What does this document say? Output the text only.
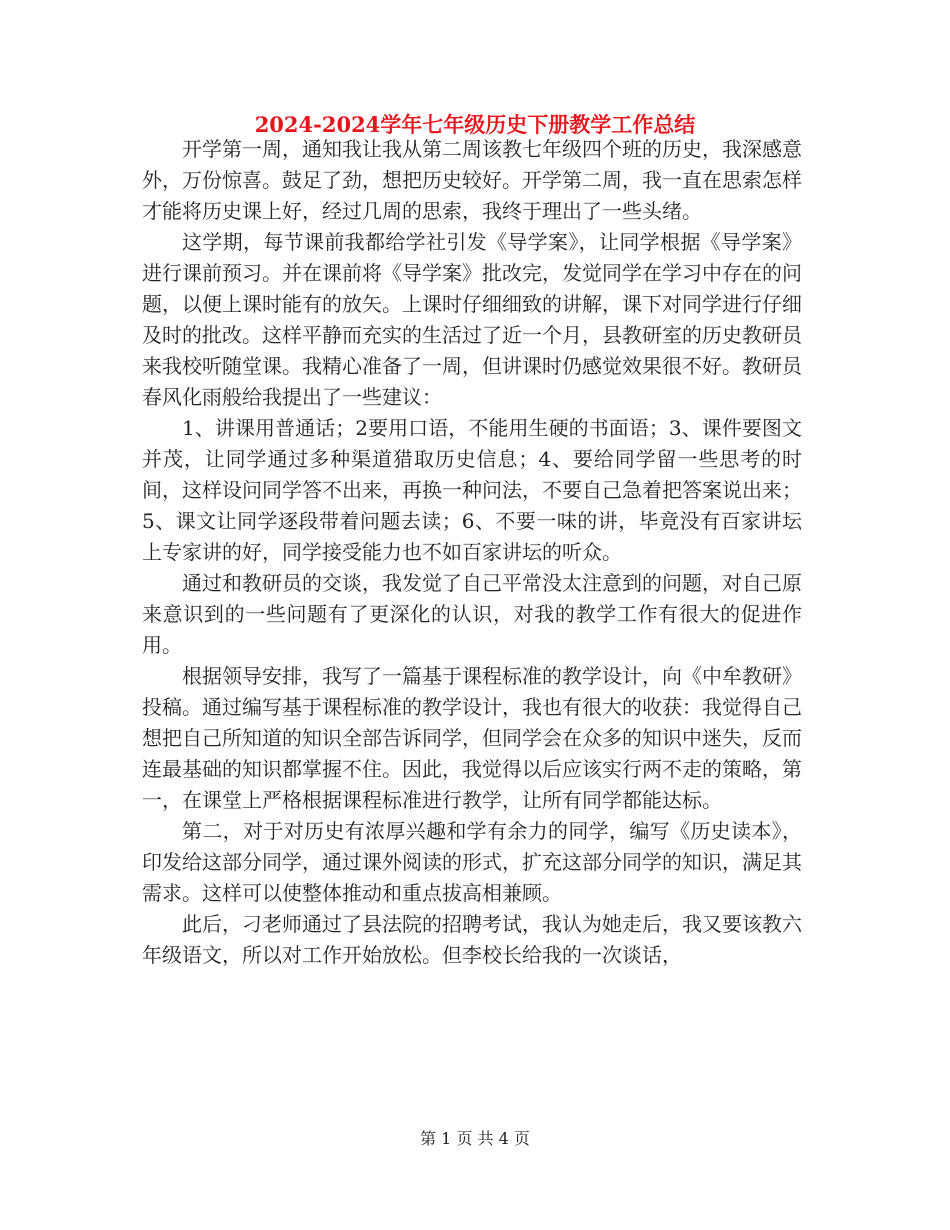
2024-2024学年七年级历史下册教学工作总结

开学第一周，通知我让我从第二周该教七年级四个班的历史，我深感意外，万份惊喜。鼓足了劲，想把历史较好。开学第二周，我一直在思索怎样才能将历史课上好，经过几周的思索，我终于理出了一些头绪。

这学期，每节课前我都给学社引发《导学案》，让同学根据《导学案》进行课前预习。并在课前将《导学案》批改完，发觉同学在学习中存在的问题，以便上课时能有的放矢。上课时仔细细致的讲解，课下对同学进行仔细及时的批改。这样平静而充实的生活过了近一个月，县教研室的历史教研员来我校听随堂课。我精心准备了一周，但讲课时仍感觉效果很不好。教研员春风化雨般给我提出了一些建议：

1、讲课用普通话；2要用口语，不能用生硬的书面语；3、课件要图文并茂，让同学通过多种渠道猎取历史信息；4、要给同学留一些思考的时间，这样设问同学答不出来，再换一种问法，不要自己急着把答案说出来；5、课文让同学逐段带着问题去读；6、不要一味的讲，毕竟没有百家讲坛上专家讲的好，同学接受能力也不如百家讲坛的听众。

通过和教研员的交谈，我发觉了自己平常没太注意到的问题，对自己原来意识到的一些问题有了更深化的认识，对我的教学工作有很大的促进作用。

根据领导安排，我写了一篇基于课程标准的教学设计，向《中牟教研》投稿。通过编写基于课程标准的教学设计，我也有很大的收获：我觉得自己想把自己所知道的知识全部告诉同学，但同学会在众多的知识中迷失，反而连最基础的知识都掌握不住。因此，我觉得以后应该实行两不走的策略，第一，在课堂上严格根据课程标准进行教学，让所有同学都能达标。

第二，对于对历史有浓厚兴趣和学有余力的同学，编写《历史读本》，印发给这部分同学，通过课外阅读的形式，扩充这部分同学的知识，满足其需求。这样可以使整体推动和重点拔高相兼顾。

此后，刁老师通过了县法院的招聘考试，我认为她走后，我又要该教六年级语文，所以对工作开始放松。但李校长给我的一次谈话，

第 1 页 共 4 页
